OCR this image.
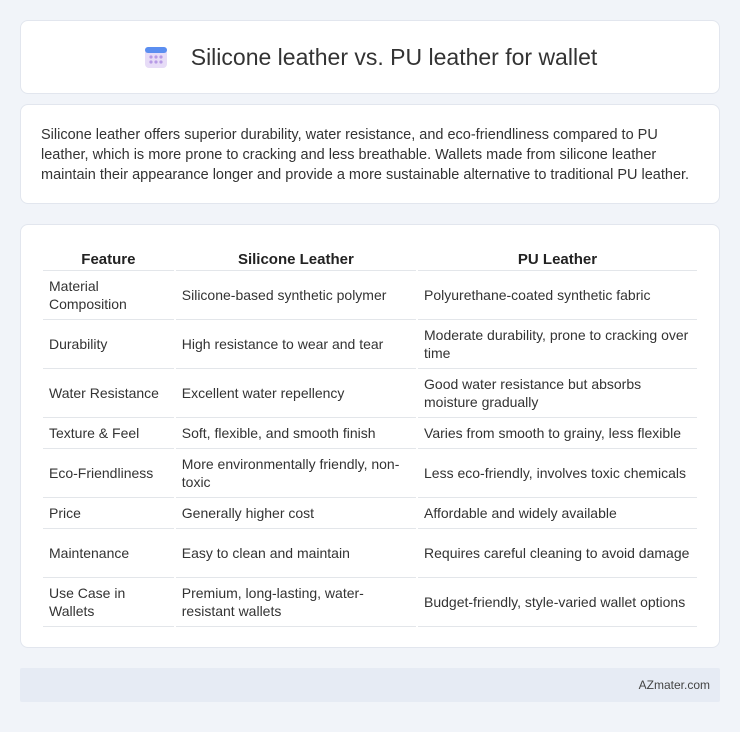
Silicone leather vs. PU leather for wallet

Silicone leather offers superior durability, water resistance, and eco-friendliness compared to PU leather, which is more prone to cracking and less breathable. Wallets made from silicone leather maintain their appearance longer and provide a more sustainable alternative to traditional PU leather.

Feature	Silicone Leather	PU Leather
Material Composition	Silicone-based synthetic polymer	Polyurethane-coated synthetic fabric
Durability	High resistance to wear and tear	Moderate durability, prone to cracking over time
Water Resistance	Excellent water repellency	Good water resistance but absorbs moisture gradually
Texture & Feel	Soft, flexible, and smooth finish	Varies from smooth to grainy, less flexible
Eco-Friendliness	More environmentally friendly, non-toxic	Less eco-friendly, involves toxic chemicals
Price	Generally higher cost	Affordable and widely available
Maintenance	Easy to clean and maintain	Requires careful cleaning to avoid damage
Use Case in Wallets	Premium, long-lasting, water-resistant wallets	Budget-friendly, style-varied wallet options
AZmater.com
